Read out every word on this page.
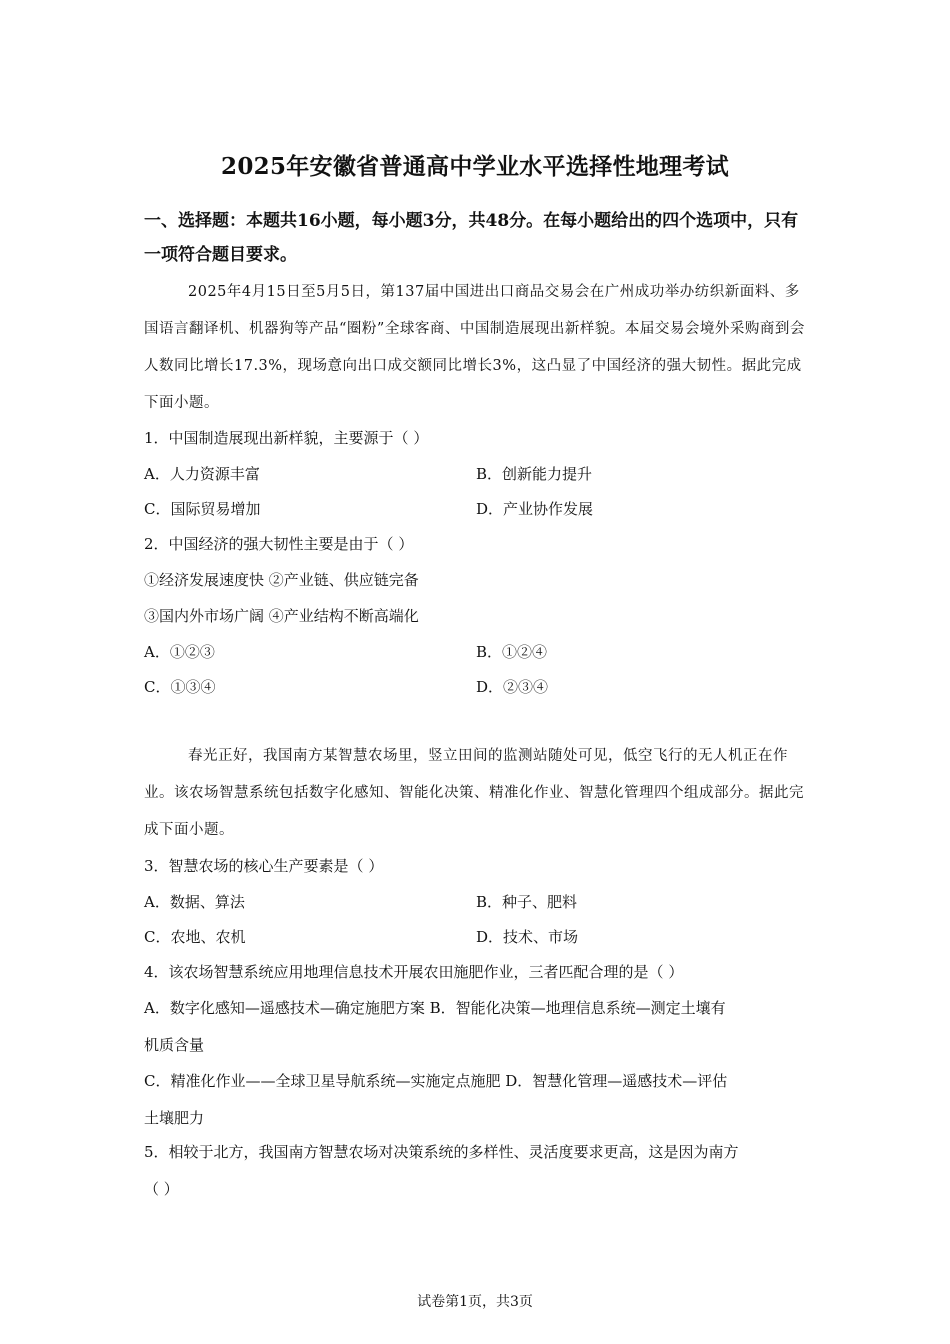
2025年安徽省普通高中学业水平选择性地理考试

一、选择题：本题共16小题，每小题3分，共48分。在每小题给出的四个选项中，只有一项符合题目要求。

2025年4月15日至5月5日，第137届中国进出口商品交易会在广州成功举办纺织新面料、多国语言翻译机、机器狗等产品“圈粉”全球客商、中国制造展现出新样貌。本届交易会境外采购商到会人数同比增长17.3%，现场意向出口成交额同比增长3%，这凸显了中国经济的强大韧性。据此完成下面小题。

1．中国制造展现出新样貌，主要源于（ ）

A．人力资源丰富	B．创新能力提升

C．国际贸易增加	D．产业协作发展

2．中国经济的强大韧性主要是由于（ ）

①经济发展速度快 ②产业链、供应链完备

③国内外市场广阔 ④产业结构不断高端化

A．①②③	B．①②④

C．①③④	D．②③④

春光正好，我国南方某智慧农场里，竖立田间的监测站随处可见，低空飞行的无人机正在作业。该农场智慧系统包括数字化感知、智能化决策、精准化作业、智慧化管理四个组成部分。据此完成下面小题。

3．智慧农场的核心生产要素是（ ）

A．数据、算法	B．种子、肥料

C．农地、农机	D．技术、市场

4．该农场智慧系统应用地理信息技术开展农田施肥作业，三者匹配合理的是（ ）

A．数字化感知—遥感技术—确定施肥方案 B．智能化决策—地理信息系统—测定土壤有

机质含量

C．精准化作业——全球卫星导航系统—实施定点施肥 D．智慧化管理—遥感技术—评估

土壤肥力

5．相较于北方，我国南方智慧农场对决策系统的多样性、灵活度要求更高，这是因为南方

（ ）

试卷第1页，共3页
